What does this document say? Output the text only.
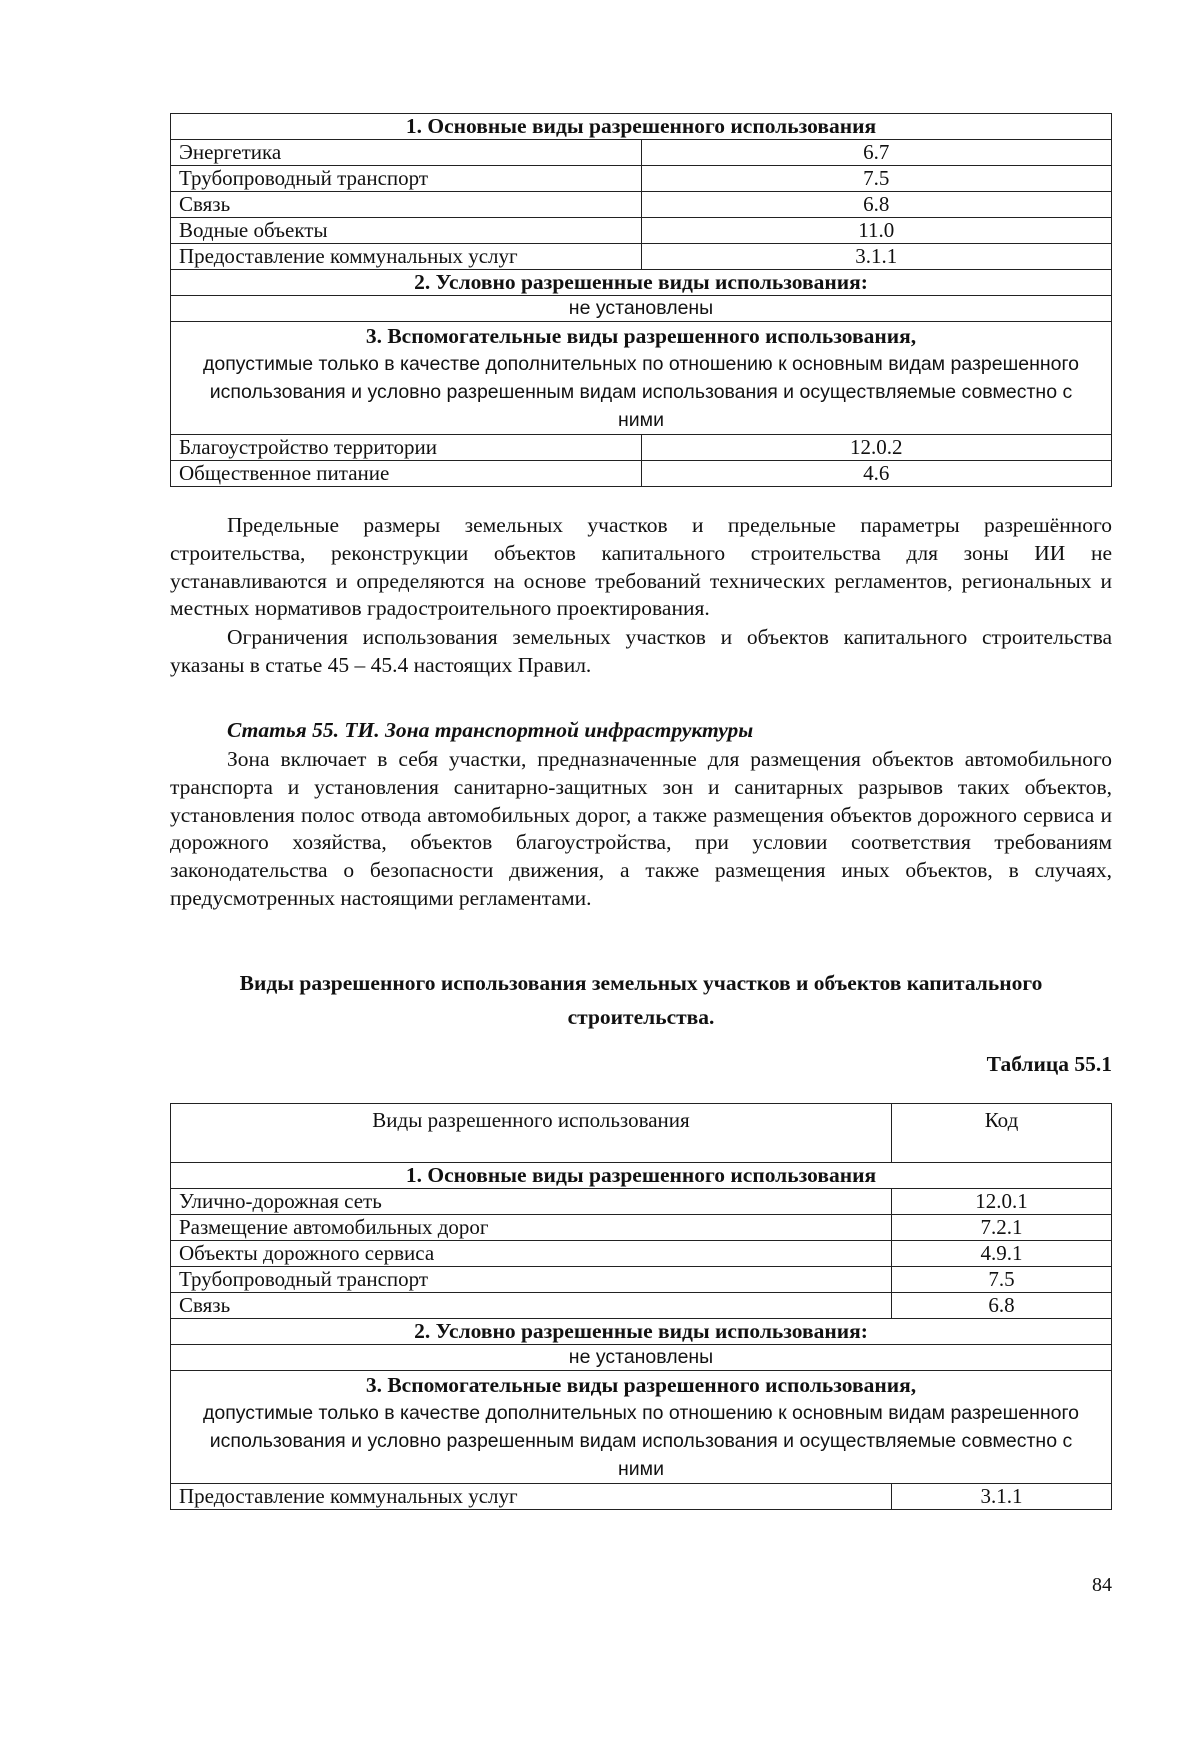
1. Основные виды разрешенного использования	
Энергетика	6.7
Трубопроводный транспорт	7.5
Связь	6.8
Водные объекты	11.0
Предоставление коммунальных услуг	3.1.1
2. Условно разрешенные виды использования:	
не установлены	

3. Вспомогательные виды разрешенного использования,
допустимые только в качестве дополнительных по отношению к основным видам разрешенного использования и условно разрешенным видам использования и осуществляемые совместно с ними	

Благоустройство территории	12.0.2
Общественное питание	4.6
Предельные размеры земельных участков и предельные параметры разрешённого строительства, реконструкции объектов капитального строительства для зоны ИИ не устанавливаются и определяются на основе требований технических регламентов, региональных и местных нормативов градостроительного проектирования.
Ограничения использования земельных участков и объектов капитального строительства указаны в статье 45 – 45.4 настоящих Правил.
Статья 55. ТИ. Зона транспортной инфраструктуры
Зона включает в себя участки, предназначенные для размещения объектов автомобильного транспорта и установления санитарно-защитных зон и санитарных разрывов таких объектов, установления полос отвода автомобильных дорог, а также размещения объектов дорожного сервиса и дорожного хозяйства, объектов благоустройства, при условии соответствия требованиям законодательства о безопасности движения, а также размещения иных объектов, в случаях, предусмотренных настоящими регламентами.
Виды разрешенного использования земельных участков и объектов капитального строительства.
Таблица 55.1
Виды разрешенного использования	Код
1. Основные виды разрешенного использования	
Улично-дорожная сеть	12.0.1
Размещение автомобильных дорог	7.2.1
Объекты дорожного сервиса	4.9.1
Трубопроводный транспорт	7.5
Связь	6.8
2. Условно разрешенные виды использования:	
не установлены	

3. Вспомогательные виды разрешенного использования,
допустимые только в качестве дополнительных по отношению к основным видам разрешенного использования и условно разрешенным видам использования и осуществляемые совместно с ними	

Предоставление коммунальных услуг	3.1.1
84
